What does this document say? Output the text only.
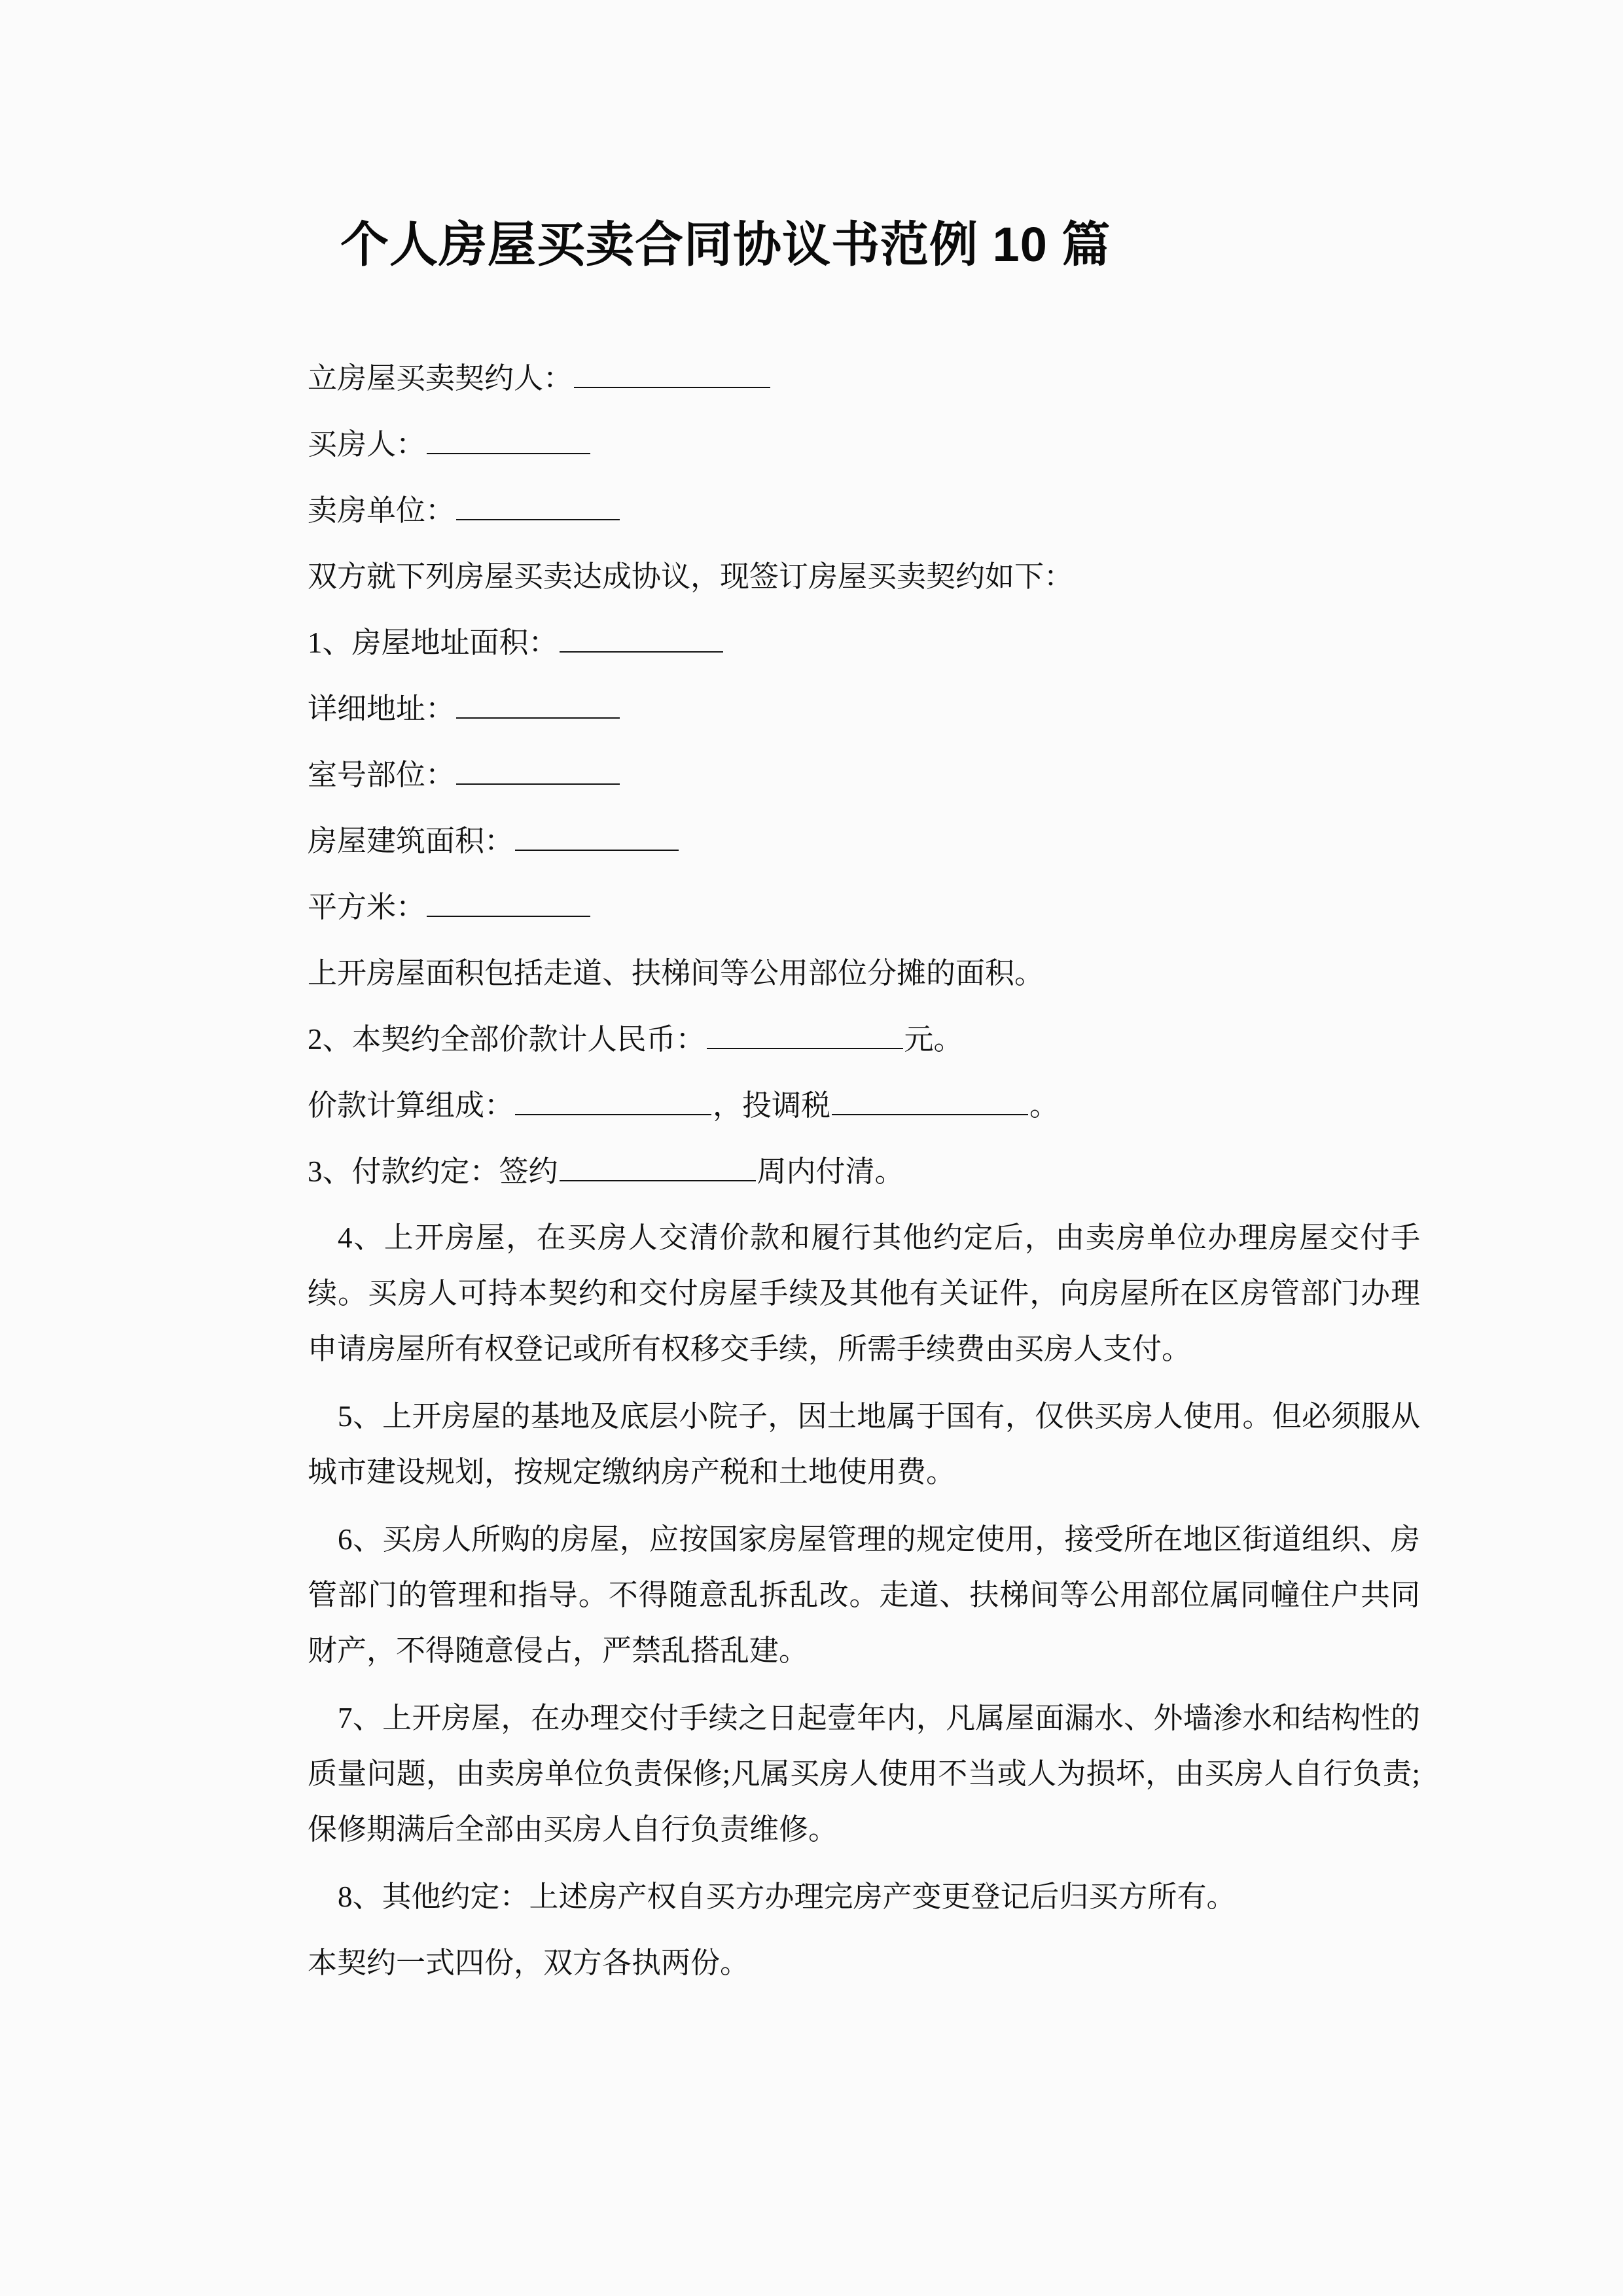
个人房屋买卖合同协议书范例 10 篇

立房屋买卖契约人：

买房人：

卖房单位：

双方就下列房屋买卖达成协议，现签订房屋买卖契约如下：

1、房屋地址面积：

详细地址：

室号部位：

房屋建筑面积：

平方米：

上开房屋面积包括走道、扶梯间等公用部位分摊的面积。

2、本契约全部价款计人民币：	元。

价款计算组成：	，投调税	。

3、付款约定：签约	周内付清。

4、上开房屋，在买房人交清价款和履行其他约定后，由卖房单位办理房屋交付手续。买房人可持本契约和交付房屋手续及其他有关证件，向房屋所在区房管部门办理申请房屋所有权登记或所有权移交手续，所需手续费由买房人支付。

5、上开房屋的基地及底层小院子，因土地属于国有，仅供买房人使用。但必须服从城市建设规划，按规定缴纳房产税和土地使用费。

6、买房人所购的房屋，应按国家房屋管理的规定使用，接受所在地区街道组织、房管部门的管理和指导。不得随意乱拆乱改。走道、扶梯间等公用部位属同幢住户共同财产，不得随意侵占，严禁乱搭乱建。

7、上开房屋，在办理交付手续之日起壹年内，凡属屋面漏水、外墙渗水和结构性的质量问题，由卖房单位负责保修;凡属买房人使用不当或人为损坏，由买房人自行负责;保修期满后全部由买房人自行负责维修。

8、其他约定：上述房产权自买方办理完房产变更登记后归买方所有。

本契约一式四份，双方各执两份。
